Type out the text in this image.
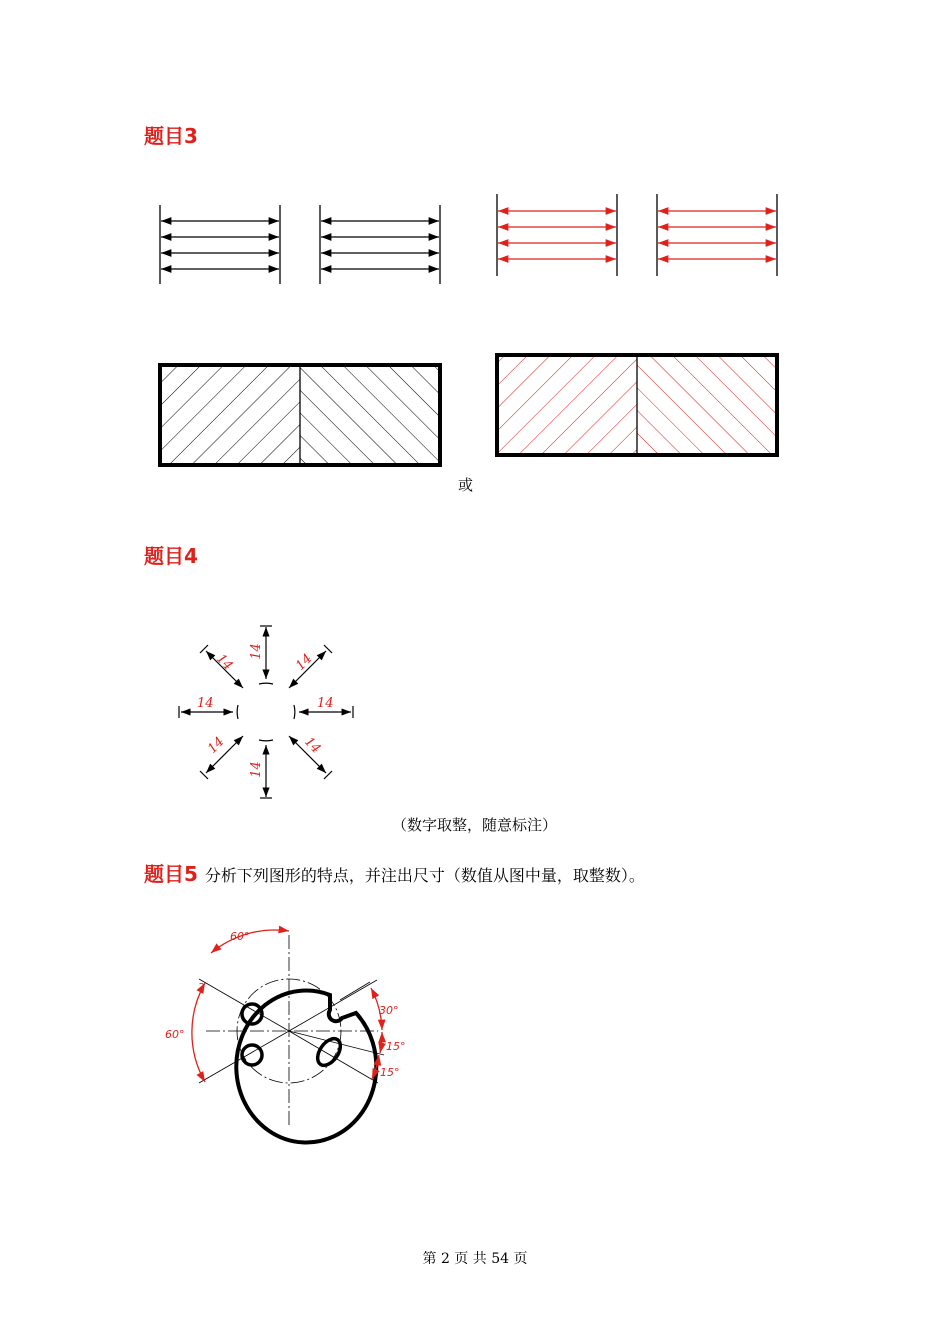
题目3
或
题目4
14
14
14	14
14	14
14	14
（数字取整，随意标注）
题目5 分析下列图形的特点，并注出尺寸（数值从图中量，取整数）。
60°
60°
30°
15°
15°
2
第 2 页 共 54 页
